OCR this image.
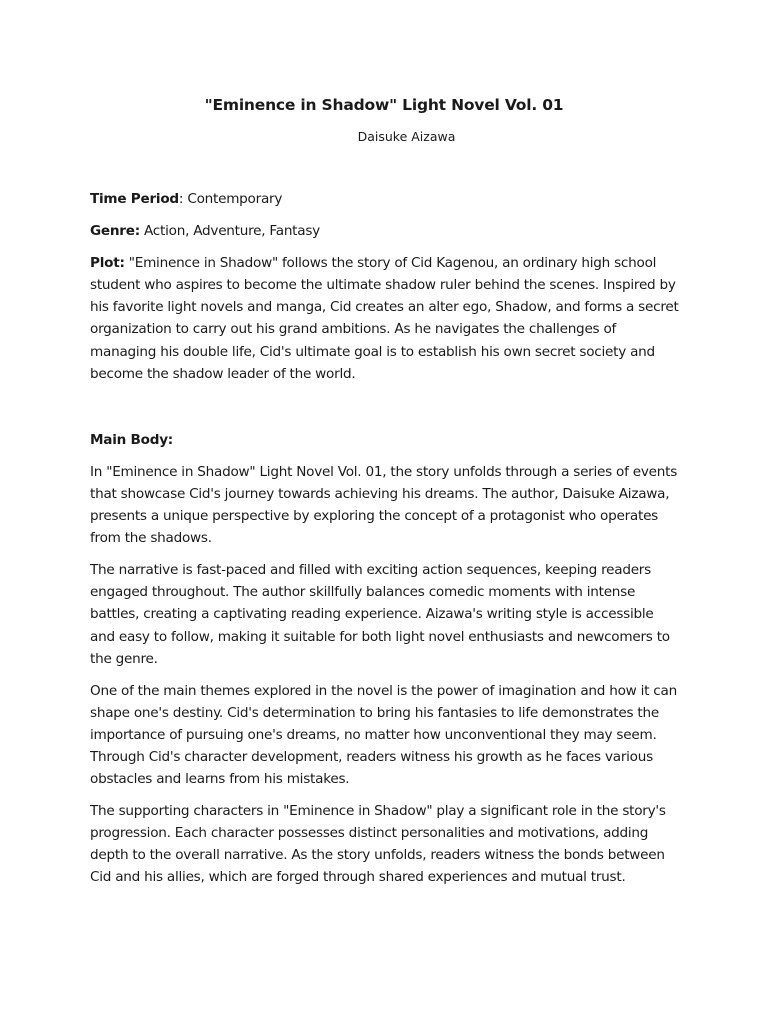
"Eminence in Shadow" Light Novel Vol. 01
Daisuke Aizawa

Time Period: Contemporary

Genre: Action, Adventure, Fantasy

Plot: "Eminence in Shadow" follows the story of Cid Kagenou, an ordinary high school student who aspires to become the ultimate shadow ruler behind the scenes. Inspired by his favorite light novels and manga, Cid creates an alter ego, Shadow, and forms a secret organization to carry out his grand ambitions. As he navigates the challenges of managing his double life, Cid's ultimate goal is to establish his own secret society and become the shadow leader of the world.

Main Body:

In "Eminence in Shadow" Light Novel Vol. 01, the story unfolds through a series of events that showcase Cid's journey towards achieving his dreams. The author, Daisuke Aizawa, presents a unique perspective by exploring the concept of a protagonist who operates from the shadows.

The narrative is fast-paced and filled with exciting action sequences, keeping readers engaged throughout. The author skillfully balances comedic moments with intense battles, creating a captivating reading experience. Aizawa's writing style is accessible and easy to follow, making it suitable for both light novel enthusiasts and newcomers to the genre.

One of the main themes explored in the novel is the power of imagination and how it can shape one's destiny. Cid's determination to bring his fantasies to life demonstrates the importance of pursuing one's dreams, no matter how unconventional they may seem. Through Cid's character development, readers witness his growth as he faces various obstacles and learns from his mistakes.

The supporting characters in "Eminence in Shadow" play a significant role in the story's progression. Each character possesses distinct personalities and motivations, adding depth to the overall narrative. As the story unfolds, readers witness the bonds between Cid and his allies, which are forged through shared experiences and mutual trust.
